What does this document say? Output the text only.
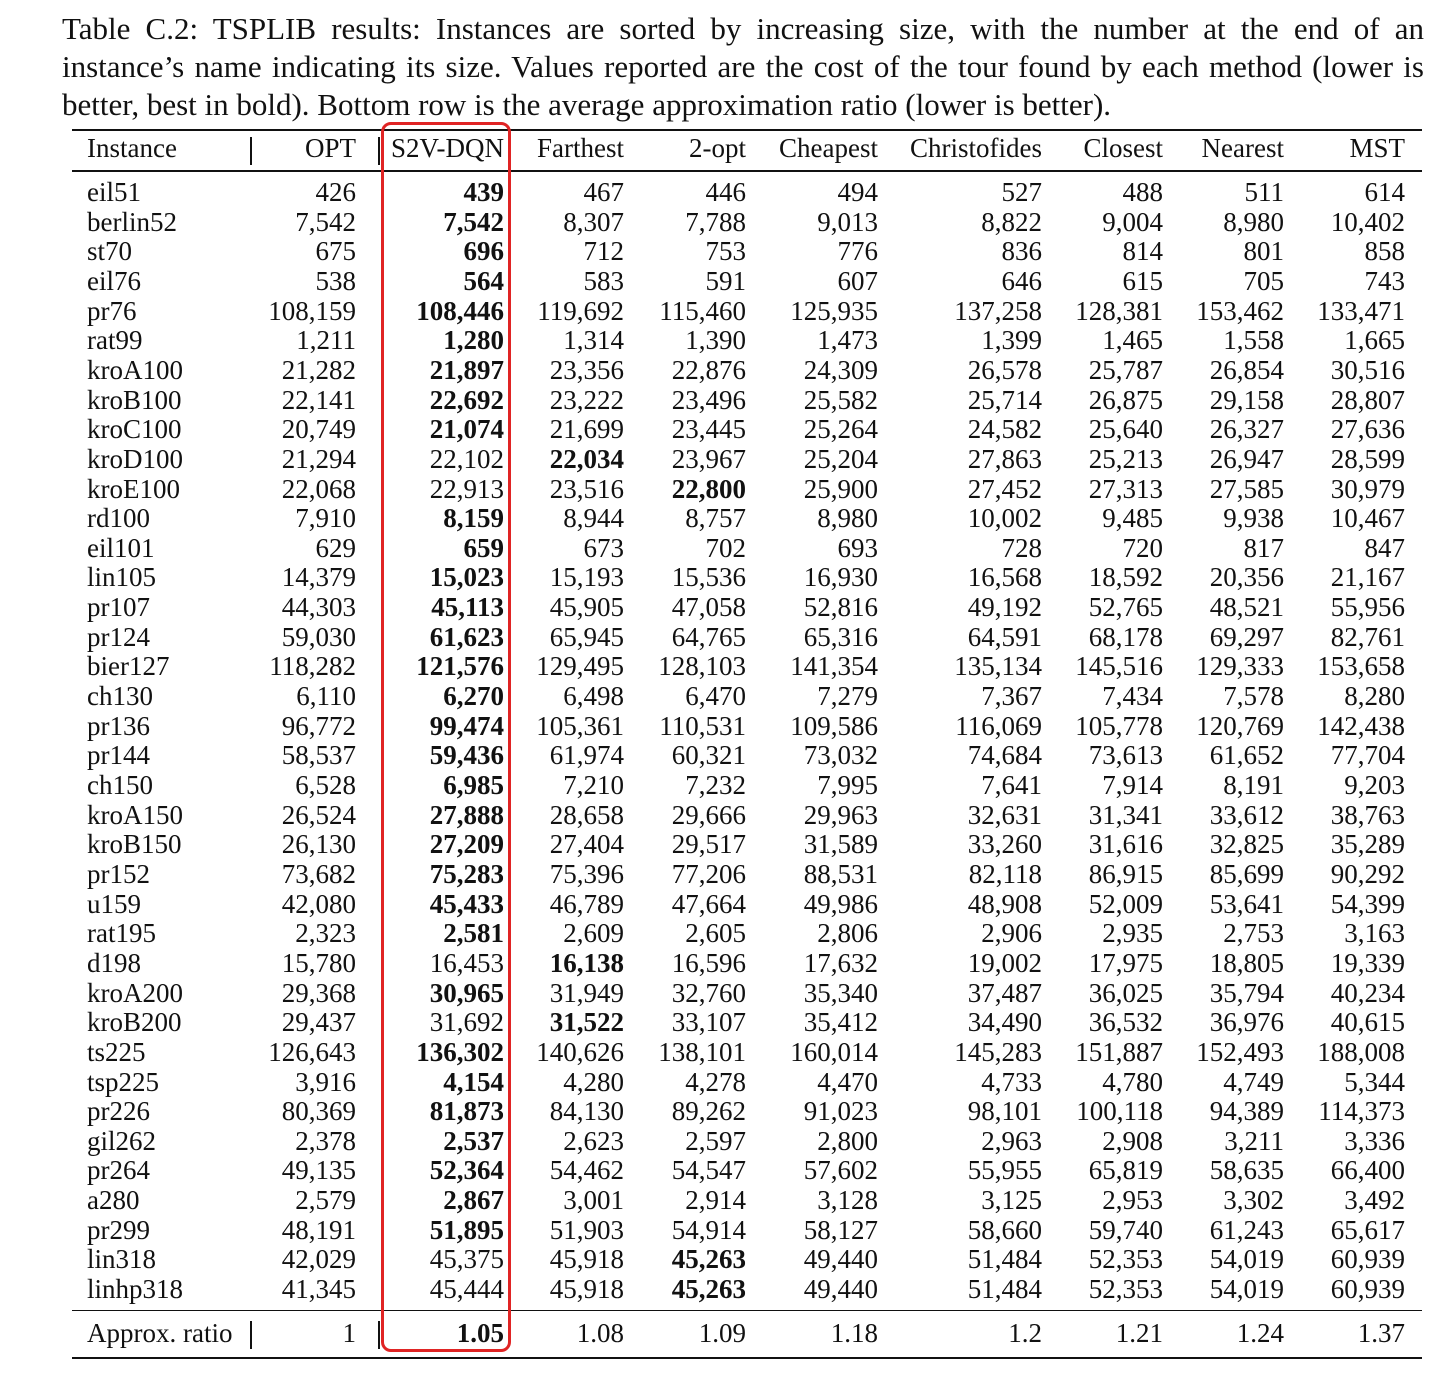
Table C.2: TSPLIB results: Instances are sorted by increasing size, with the number at the end of an instance’s name indicating its size. Values reported are the cost of the tour found by each method (lower is better, best in bold). Bottom row is the average approximation ratio (lower is better).
Instance	OPT	S2V-DQN	Farthest	2-opt	Cheapest	Christofides	Closest	Nearest	MST
eil51	426	439	467	446	494	527	488	511	614
berlin52	7,542	7,542	8,307	7,788	9,013	8,822	9,004	8,980	10,402
st70	675	696	712	753	776	836	814	801	858
eil76	538	564	583	591	607	646	615	705	743
pr76	108,159	108,446	119,692	115,460	125,935	137,258	128,381	153,462	133,471
rat99	1,211	1,280	1,314	1,390	1,473	1,399	1,465	1,558	1,665
kroA100	21,282	21,897	23,356	22,876	24,309	26,578	25,787	26,854	30,516
kroB100	22,141	22,692	23,222	23,496	25,582	25,714	26,875	29,158	28,807
kroC100	20,749	21,074	21,699	23,445	25,264	24,582	25,640	26,327	27,636
kroD100	21,294	22,102	22,034	23,967	25,204	27,863	25,213	26,947	28,599
kroE100	22,068	22,913	23,516	22,800	25,900	27,452	27,313	27,585	30,979
rd100	7,910	8,159	8,944	8,757	8,980	10,002	9,485	9,938	10,467
eil101	629	659	673	702	693	728	720	817	847
lin105	14,379	15,023	15,193	15,536	16,930	16,568	18,592	20,356	21,167
pr107	44,303	45,113	45,905	47,058	52,816	49,192	52,765	48,521	55,956
pr124	59,030	61,623	65,945	64,765	65,316	64,591	68,178	69,297	82,761
bier127	118,282	121,576	129,495	128,103	141,354	135,134	145,516	129,333	153,658
ch130	6,110	6,270	6,498	6,470	7,279	7,367	7,434	7,578	8,280
pr136	96,772	99,474	105,361	110,531	109,586	116,069	105,778	120,769	142,438
pr144	58,537	59,436	61,974	60,321	73,032	74,684	73,613	61,652	77,704
ch150	6,528	6,985	7,210	7,232	7,995	7,641	7,914	8,191	9,203
kroA150	26,524	27,888	28,658	29,666	29,963	32,631	31,341	33,612	38,763
kroB150	26,130	27,209	27,404	29,517	31,589	33,260	31,616	32,825	35,289
pr152	73,682	75,283	75,396	77,206	88,531	82,118	86,915	85,699	90,292
u159	42,080	45,433	46,789	47,664	49,986	48,908	52,009	53,641	54,399
rat195	2,323	2,581	2,609	2,605	2,806	2,906	2,935	2,753	3,163
d198	15,780	16,453	16,138	16,596	17,632	19,002	17,975	18,805	19,339
kroA200	29,368	30,965	31,949	32,760	35,340	37,487	36,025	35,794	40,234
kroB200	29,437	31,692	31,522	33,107	35,412	34,490	36,532	36,976	40,615
ts225	126,643	136,302	140,626	138,101	160,014	145,283	151,887	152,493	188,008
tsp225	3,916	4,154	4,280	4,278	4,470	4,733	4,780	4,749	5,344
pr226	80,369	81,873	84,130	89,262	91,023	98,101	100,118	94,389	114,373
gil262	2,378	2,537	2,623	2,597	2,800	2,963	2,908	3,211	3,336
pr264	49,135	52,364	54,462	54,547	57,602	55,955	65,819	58,635	66,400
a280	2,579	2,867	3,001	2,914	3,128	3,125	2,953	3,302	3,492
pr299	48,191	51,895	51,903	54,914	58,127	58,660	59,740	61,243	65,617
lin318	42,029	45,375	45,918	45,263	49,440	51,484	52,353	54,019	60,939
linhp318	41,345	45,444	45,918	45,263	49,440	51,484	52,353	54,019	60,939
Approx. ratio	1	1.05	1.08	1.09	1.18	1.2	1.21	1.24	1.37
